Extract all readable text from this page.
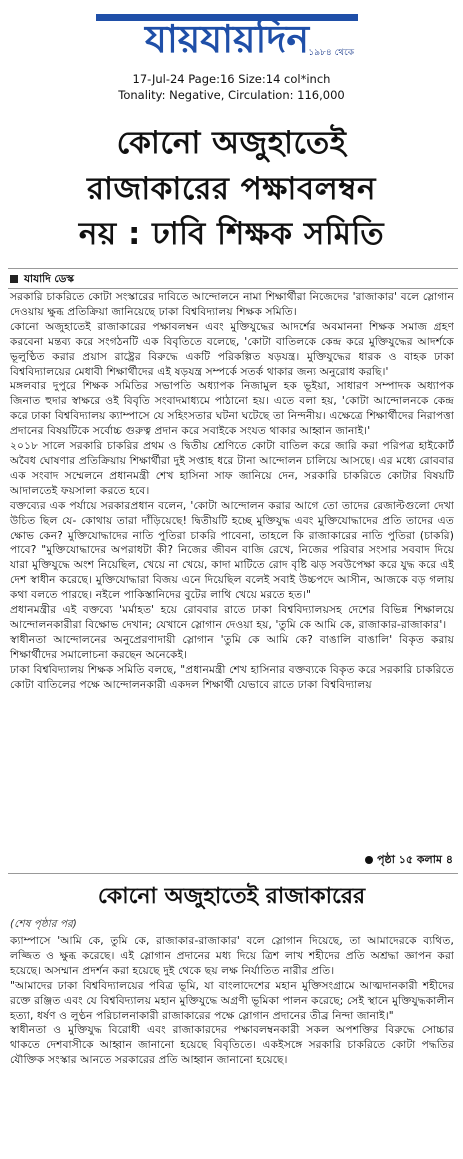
যায়যায়দিন ১৯৮৪ থেকে
17-Jul-24 Page:16 Size:14 col*inch
Tonality: Negative, Circulation: 116,000
কোনো অজুহাতেই
রাজাকারের পক্ষাবলম্বন
নয় : ঢাবি শিক্ষক সমিতি
যাযাদি ডেস্ক

সরকারি চাকরিতে কোটা সংস্কারের দাবিতে আন্দোলনে নামা শিক্ষার্থীরা নিজেদের 'রাজাকার' বলে স্লোগান দেওয়ায় ক্ষুব্ধ প্রতিক্রিয়া জানিয়েছে ঢাকা বিশ্ববিদ্যালয় শিক্ষক সমিতি।

কোনো অজুহাতেই রাজাকারের পক্ষাবলম্বন এবং মুক্তিযুদ্ধের আদর্শের অবমাননা শিক্ষক সমাজ গ্রহণ করবেনা মন্তব্য করে সংগঠনটি এক বিবৃতিতে বলেছে, 'কোটা বাতিলকে কেন্দ্র করে মুক্তিযুদ্ধের আদর্শকে ভূলুণ্ঠিত করার প্রয়াস রাষ্ট্রের বিরুদ্ধে একটি পরিকল্পিত ষড়যন্ত্র। মুক্তিযুদ্ধের ধারক ও বাহক ঢাকা বিশ্ববিদ্যালয়ের মেধাবী শিক্ষার্থীদের এই ষড়যন্ত্র সম্পর্কে সতর্ক থাকার জন্য অনুরোধ করছি।'

মঙ্গলবার দুপুরে শিক্ষক সমিতির সভাপতি অধ্যাপক নিজামুল হক ভূইয়া, সাধারণ সম্পাদক অধ্যাপক জিনাত হুদার স্বাক্ষরে ওই বিবৃতি সংবাদমাধ্যমে পাঠানো হয়। এতে বলা হয়, 'কোটা আন্দোলনকে কেন্দ্র করে ঢাকা বিশ্ববিদ্যালয় ক্যাম্পাসে যে সহিংসতার ঘটনা ঘটেছে তা নিন্দনীয়। এক্ষেত্রে শিক্ষার্থীদের নিরাপত্তা প্রদানের বিষয়টিকে সর্বোচ্চ গুরুত্ব প্রদান করে সবাইকে সংযত থাকার আহ্বান জানাই।'

২০১৮ সালে সরকারি চাকরির প্রথম ও দ্বিতীয় শ্রেণিতে কোটা বাতিল করে জারি করা পরিপত্র হাইকোর্ট অবৈধ ঘোষণার প্রতিক্রিয়ায় শিক্ষার্থীরা দুই সপ্তাহ ধরে টানা আন্দোলন চালিয়ে আসছে। এর মধ্যে রোববার এক সংবাদ সম্মেলনে প্রধানমন্ত্রী শেখ হাসিনা সাফ জানিয়ে দেন, সরকারি চাকরিতে কোটার বিষয়টি আদালতেই ফয়সালা করতে হবে।

বক্তব্যের এক পর্যায়ে সরকারপ্রধান বলেন, 'কোটা আন্দোলন করার আগে তো তাদের রেজাল্টগুলো দেখা উচিত ছিল যে- কোথায় তারা দাঁড়িয়েছে! দ্বিতীয়টি হচ্ছে মুক্তিযুদ্ধ এবং মুক্তিযোদ্ধাদের প্রতি তাদের এত ক্ষোভ কেন? মুক্তিযোদ্ধাদের নাতি পুতিরা চাকরি পাবেনা, তাহলে কি রাজাকারের নাতি পুতিরা (চাকরি) পাবে? "মুক্তিযোদ্ধাদের অপরাধটা কী? নিজের জীবন বাজি রেখে, নিজের পরিবার সংসার সববাদ দিয়ে যারা মুক্তিযুদ্ধে অংশ নিয়েছিল, খেয়ে না খেয়ে, কাদা মাটিতে রোদ বৃষ্টি ঝড় সবউপেক্ষা করে যুদ্ধ করে এই দেশ স্বাধীন করেছে। মুক্তিযোদ্ধারা বিজয় এনে দিয়েছিল বলেই সবাই উচ্চপদে আসীন, আজকে বড় গলায় কথা বলতে পারছে। নইলে পাকিস্তানিদের বুটের লাথি খেয়ে মরতে হত।"

প্রধানমন্ত্রীর এই বক্তব্যে 'মর্মাহত' হয়ে রোববার রাতে ঢাকা বিশ্ববিদ্যালয়সহ দেশের বিভিন্ন শিক্ষালয়ে আন্দোলনকারীরা বিক্ষোভ দেখান; যেখানে স্লোগান দেওয়া হয়, 'তুমি কে আমি কে, রাজাকার-রাজাকার'।

স্বাধীনতা আন্দোলনের অনুপ্রেরণাদায়ী স্লোগান 'তুমি কে আমি কে? বাঙালি বাঙালি' বিকৃত করায় শিক্ষার্থীদের সমালোচনা করছেন অনেকেই।

ঢাকা বিশ্ববিদ্যালয় শিক্ষক সমিতি বলছে, "প্রধানমন্ত্রী শেখ হাসিনার বক্তব্যকে বিকৃত করে সরকারি চাকরিতে কোটা বাতিলের পক্ষে আন্দোলনকারী একদল শিক্ষার্থী যেভাবে রাতে ঢাকা বিশ্ববিদ্যালয়

পৃষ্ঠা ১৫ কলাম ৪
কোনো অজুহাতেই রাজাকারের
(শেষ পৃষ্ঠার পর)

ক্যাম্পাসে 'আমি কে, তুমি কে, রাজাকার-রাজাকার' বলে স্লোগান দিয়েছে, তা আমাদেরকে ব্যথিত, লজ্জিত ও ক্ষুব্ধ করেছে। এই স্লোগান প্রদানের মধ্য দিয়ে ত্রিশ লাখ শহীদের প্রতি অশ্রদ্ধা জ্ঞাপন করা হয়েছে। অসম্মান প্রদর্শন করা হয়েছে দুই থেকে ছয় লক্ষ নির্যাতিত নারীর প্রতি।

"আমাদের ঢাকা বিশ্ববিদ্যালয়ের পবিত্র ভূমি, যা বাংলাদেশের মহান মুক্তিসংগ্রামে আত্মদানকারী শহীদের রক্তে রঞ্জিত এবং যে বিশ্ববিদ্যালয় মহান মুক্তিযুদ্ধে অগ্রণী ভূমিকা পালন করেছে; সেই স্থানে মুক্তিযুদ্ধকালীন হত্যা, ধর্ষণ ও লুণ্ঠন পরিচালনাকারী রাজাকারের পক্ষে স্লোগান প্রদানের তীব্র নিন্দা জানাই।"

স্বাধীনতা ও মুক্তিযুদ্ধ বিরোধী এবং রাজাকারদের পক্ষাবলম্বনকারী সকল অপশক্তির বিরুদ্ধে সোচ্চার থাকতে দেশবাসীকে আহ্বান জানানো হয়েছে বিবৃতিতে। একইসঙ্গে সরকারি চাকরিতে কোটা পদ্ধতির যৌক্তিক সংস্কার আনতে সরকারের প্রতি আহ্বান জানানো হয়েছে।
